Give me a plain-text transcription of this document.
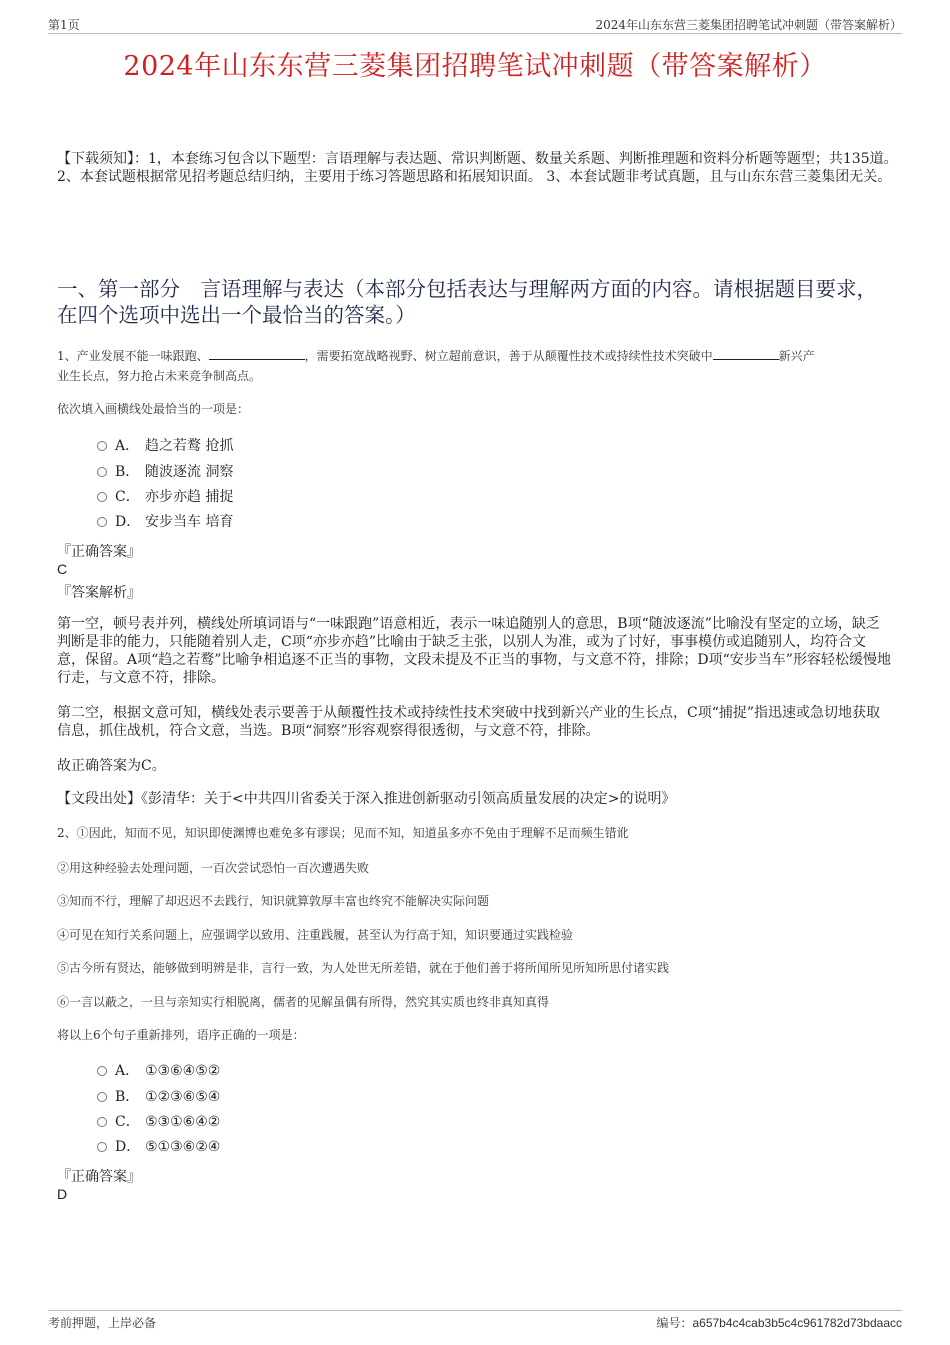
第1页	2024年山东东营三菱集团招聘笔试冲刺题（带答案解析）
2024年山东东营三菱集团招聘笔试冲刺题（带答案解析）
【下载须知】：1，本套练习包含以下题型：言语理解与表达题、常识判断题、数量关系题、判断推理题和资料分析题等题型；共135道。 2、本套试题根据常见招考题总结归纳，主要用于练习答题思路和拓展知识面。 3、本套试题非考试真题，且与山东东营三菱集团无关。
一、第一部分　言语理解与表达（本部分包括表达与理解两方面的内容。请根据题目要求，在四个选项中选出一个最恰当的答案。）
1、产业发展不能一味跟跑、	，需要拓宽战略视野、树立超前意识，善于从颠覆性技术或持续性技术突破中	新兴产
业生长点，努力抢占未来竞争制高点。
依次填入画横线处最恰当的一项是：
A． 趋之若鹜 抢抓
B． 随波逐流 洞察
C． 亦步亦趋 捕捉
D． 安步当车 培育
『正确答案』
C
『答案解析』
第一空，顿号表并列，横线处所填词语与“一味跟跑”语意相近，表示一味追随别人的意思，B项“随波逐流”比喻没有坚定的立场，缺乏判断是非的能力，只能随着别人走，C项“亦步亦趋”比喻由于缺乏主张，以别人为准，或为了讨好，事事模仿或追随别人，均符合文意，保留。A项“趋之若鹜”比喻争相追逐不正当的事物，文段未提及不正当的事物，与文意不符，排除；D项“安步当车”形容轻松缓慢地行走，与文意不符，排除。
第二空，根据文意可知，横线处表示要善于从颠覆性技术或持续性技术突破中找到新兴产业的生长点，C项“捕捉”指迅速或急切地获取信息，抓住战机，符合文意，当选。B项“洞察”形容观察得很透彻，与文意不符，排除。
故正确答案为C。
【文段出处】《彭清华：关于<中共四川省委关于深入推进创新驱动引领高质量发展的决定>的说明》
2、①因此，知而不见，知识即使渊博也难免多有谬误；见而不知，知道虽多亦不免由于理解不足而频生错讹
②用这种经验去处理问题，一百次尝试恐怕一百次遭遇失败
③知而不行，理解了却迟迟不去践行，知识就算敦厚丰富也终究不能解决实际问题
④可见在知行关系问题上，应强调学以致用、注重践履，甚至认为行高于知，知识要通过实践检验
⑤古今所有贤达，能够做到明辨是非，言行一致，为人处世无所差错，就在于他们善于将所闻所见所知所思付诸实践
⑥一言以蔽之，一旦与亲知实行相脱离，儒者的见解虽偶有所得，然究其实质也终非真知真得
将以上6个句子重新排列，语序正确的一项是：
A． ①③⑥④⑤②
B． ①②③⑥⑤④
C． ⑤③①⑥④②
D． ⑤①③⑥②④
『正确答案』
D
考前押题，上岸必备	编号：a657b4c4cab3b5c4c961782d73bdaacc
